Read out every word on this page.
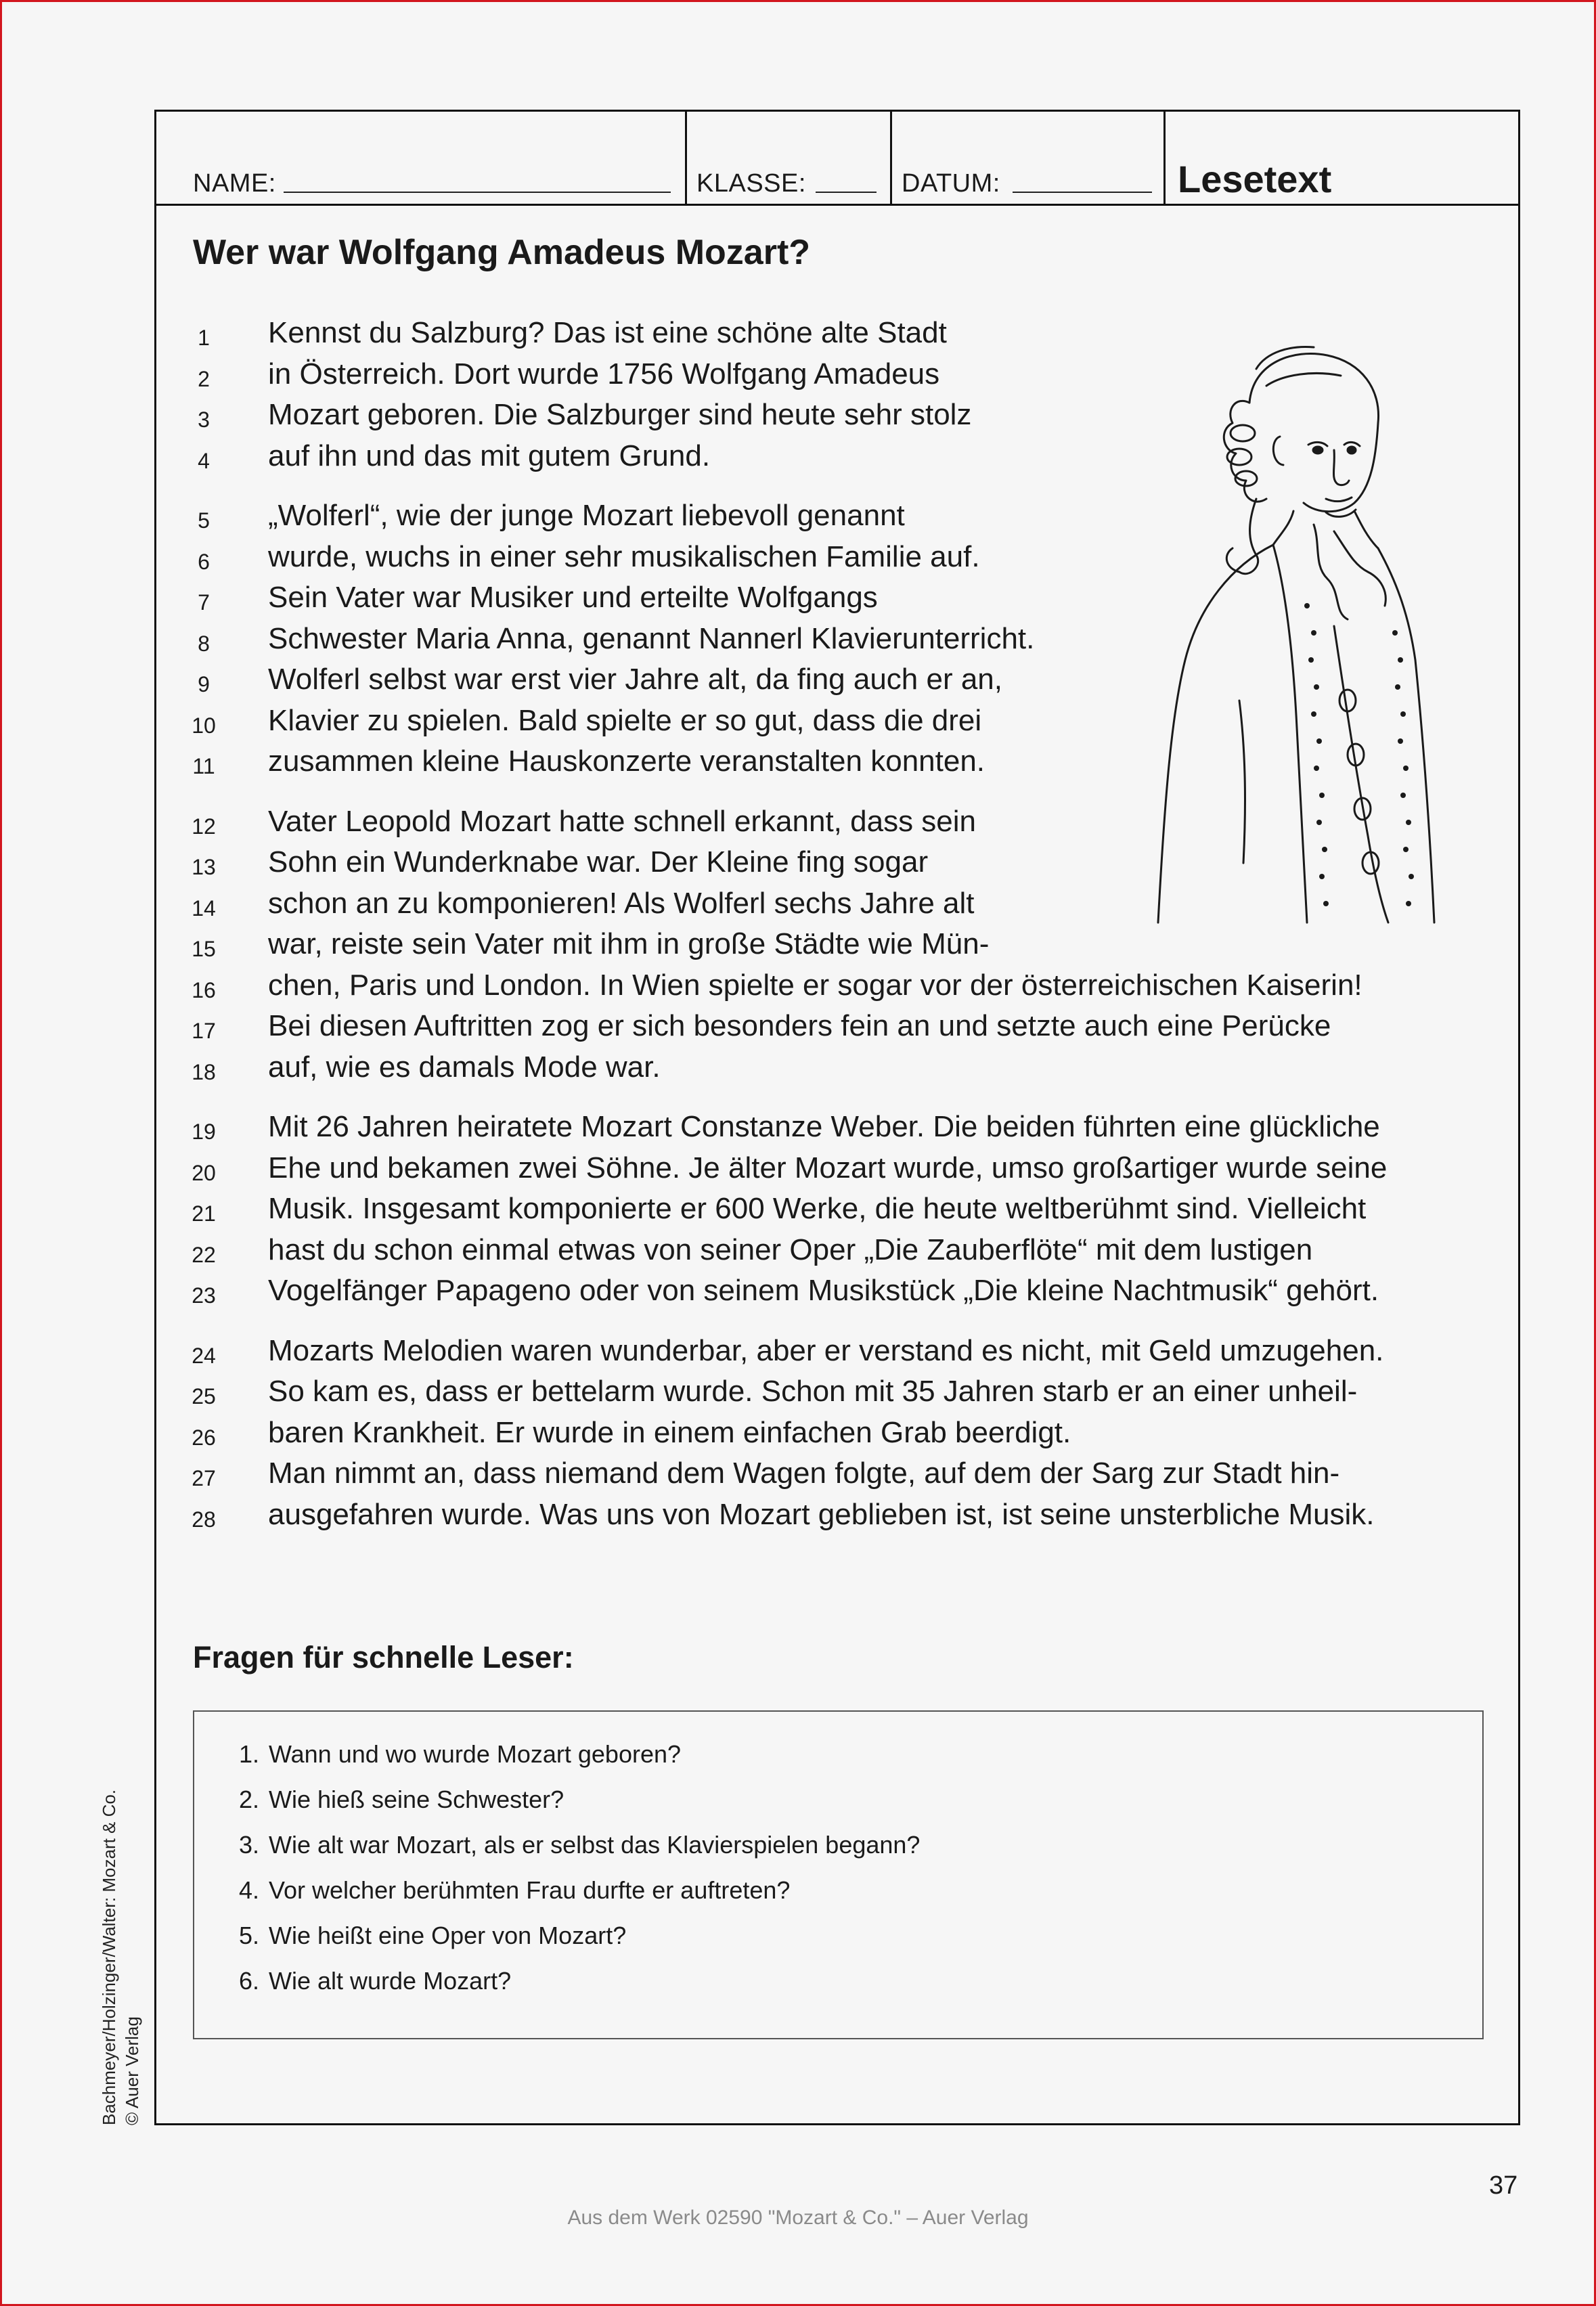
NAME:	KLASSE:	DATUM:	Lesetext
Wer war Wolfgang Amadeus Mozart?
1	Kennst du Salzburg? Das ist eine schöne alte Stadt
2	in Österreich. Dort wurde 1756 Wolfgang Amadeus
3	Mozart geboren. Die Salzburger sind heute sehr stolz
4	auf ihn und das mit gutem Grund.
5	„Wolferl“, wie der junge Mozart liebevoll genannt
6	wurde, wuchs in einer sehr musikalischen Familie auf.
7	Sein Vater war Musiker und erteilte Wolfgangs
8	Schwester Maria Anna, genannt Nannerl Klavierunterricht.
9	Wolferl selbst war erst vier Jahre alt, da fing auch er an,
10 Klavier zu spielen. Bald spielte er so gut, dass die drei
11	zusammen kleine Hauskonzerte veranstalten konnten.
12 Vater Leopold Mozart hatte schnell erkannt, dass sein
13 Sohn ein Wunderknabe war. Der Kleine fing sogar
14 schon an zu komponieren! Als Wolferl sechs Jahre alt
15 war, reiste sein Vater mit ihm in große Städte wie Mün-
16 chen, Paris und London. In Wien spielte er sogar vor der österreichischen Kaiserin!
17 Bei diesen Auftritten zog er sich besonders fein an und setzte auch eine Perücke
18 auf, wie es damals Mode war.
19 Mit 26 Jahren heiratete Mozart Constanze Weber. Die beiden führten eine glückliche
20 Ehe und bekamen zwei Söhne. Je älter Mozart wurde, umso großartiger wurde seine
21 Musik. Insgesamt komponierte er 600 Werke, die heute weltberühmt sind. Vielleicht
22 hast du schon einmal etwas von seiner Oper „Die Zauberflöte“ mit dem lustigen
23 Vogelfänger Papageno oder von seinem Musikstück „Die kleine Nachtmusik“ gehört.
24 Mozarts Melodien waren wunderbar, aber er verstand es nicht, mit Geld umzugehen.
25 So kam es, dass er bettelarm wurde. Schon mit 35 Jahren starb er an einer unheil-
26 baren Krankheit. Er wurde in einem einfachen Grab beerdigt.
27 Man nimmt an, dass niemand dem Wagen folgte, auf dem der Sarg zur Stadt hin-
28 ausgefahren wurde. Was uns von Mozart geblieben ist, ist seine unsterbliche Musik.
Fragen für schnelle Leser:
1. Wann und wo wurde Mozart geboren?
2. Wie hieß seine Schwester?
3. Wie alt war Mozart, als er selbst das Klavierspielen begann?
4. Vor welcher berühmten Frau durfte er auftreten?
5. Wie heißt eine Oper von Mozart?
6. Wie alt wurde Mozart?
Bachmeyer/Holzinger/Walter: Mozart & Co. © Auer Verlag
37
Aus dem Werk 02590 "Mozart & Co." – Auer Verlag
